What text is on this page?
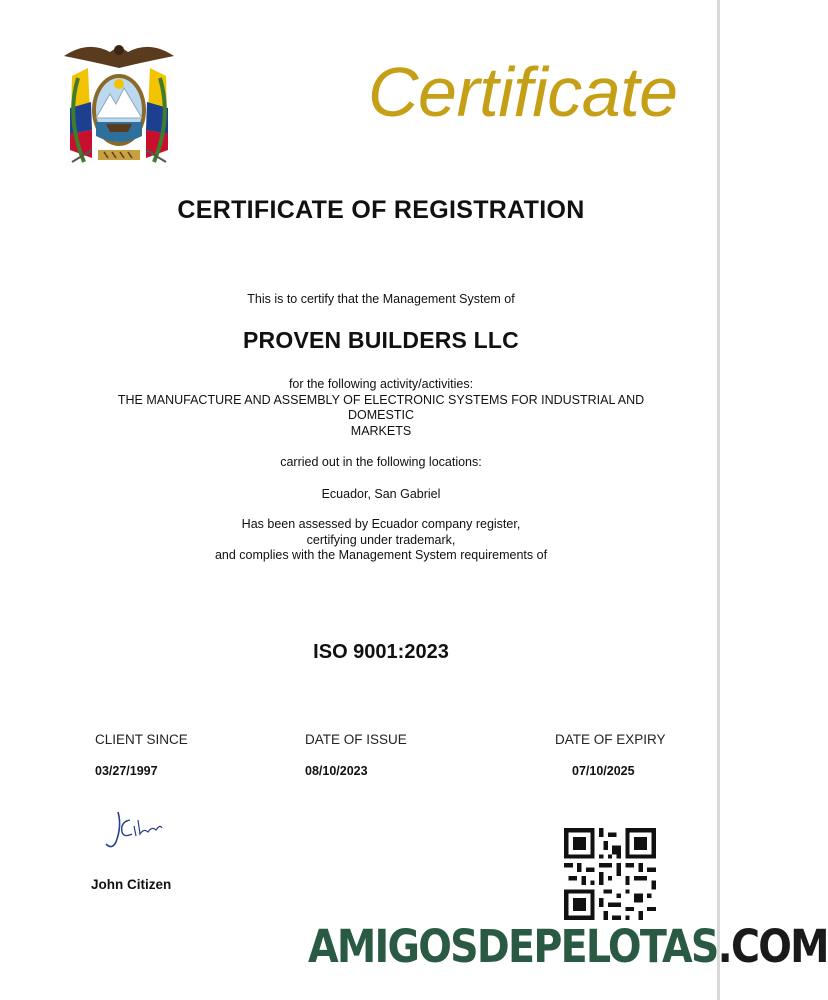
Certificate
CERTIFICATE OF REGISTRATION
This is to certify that the Management System of
PROVEN BUILDERS LLC
for the following activity/activities:
THE MANUFACTURE AND ASSEMBLY OF ELECTRONIC SYSTEMS FOR INDUSTRIAL AND
DOMESTIC
MARKETS
carried out in the following locations:
Ecuador, San Gabriel
Has been assessed by Ecuador company register,
certifying under trademark,
and complies with the Management System requirements of
ISO 9001:2023
CLIENT SINCE
03/27/1997
DATE OF ISSUE
08/10/2023
DATE OF EXPIRY
07/10/2025
John Citizen
AMIGOSDEPELOTAS.COM
